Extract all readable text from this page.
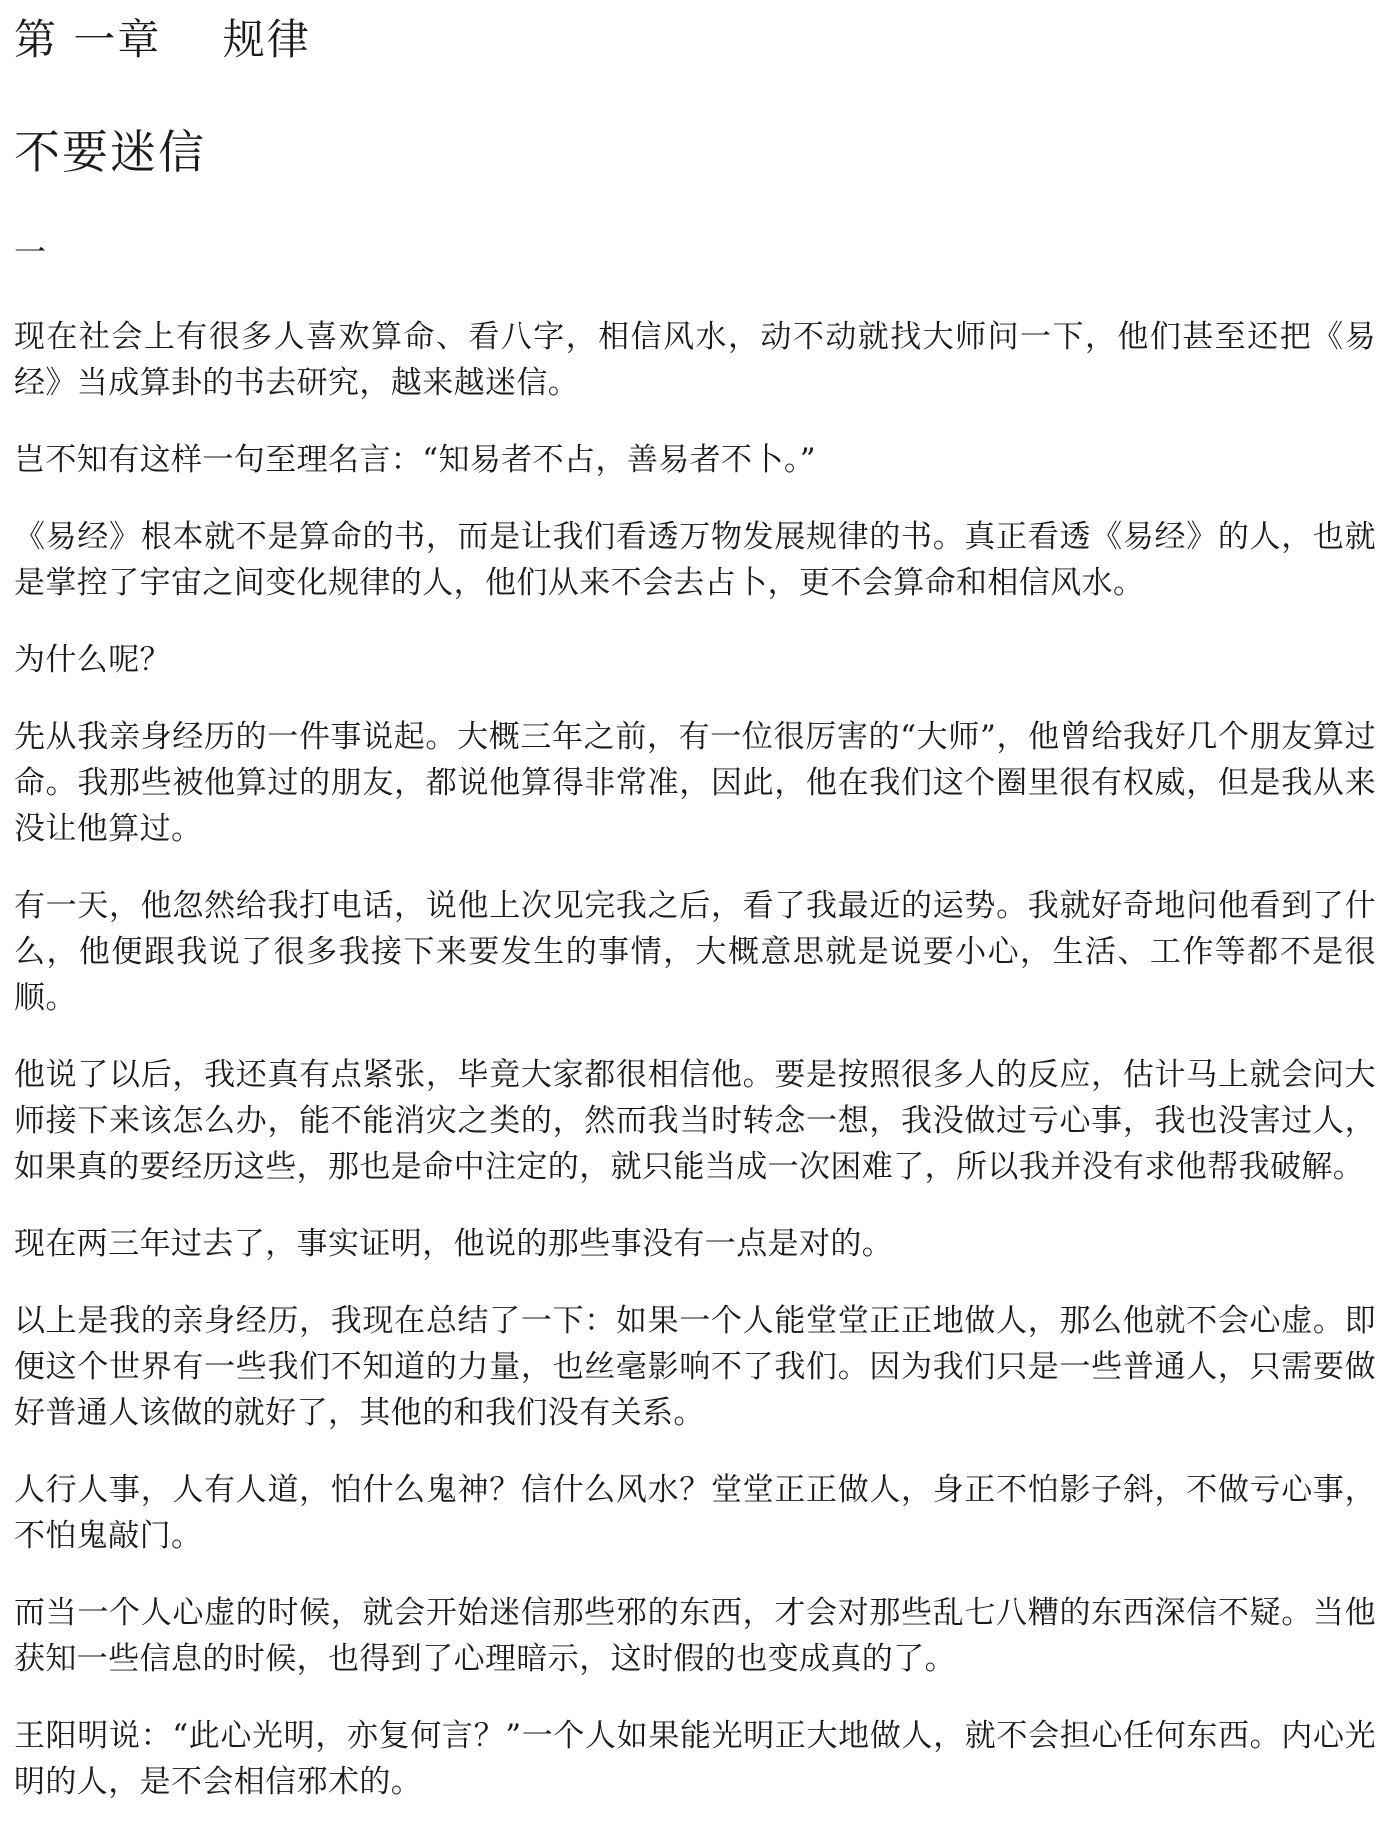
第 一章    规律
不要迷信
一

现在社会上有很多人喜欢算命、看八字，相信风水，动不动就找大师问一下，他们甚至还把《易经》当成算卦的书去研究，越来越迷信。

岂不知有这样一句至理名言：“知易者不占，善易者不卜。”

《易经》根本就不是算命的书，而是让我们看透万物发展规律的书。真正看透《易经》的人，也就是掌控了宇宙之间变化规律的人，他们从来不会去占卜，更不会算命和相信风水。

为什么呢？

先从我亲身经历的一件事说起。大概三年之前，有一位很厉害的“大师”，他曾给我好几个朋友算过命。我那些被他算过的朋友，都说他算得非常准，因此，他在我们这个圈里很有权威，但是我从来没让他算过。

有一天，他忽然给我打电话，说他上次见完我之后，看了我最近的运势。我就好奇地问他看到了什么，他便跟我说了很多我接下来要发生的事情，大概意思就是说要小心，生活、工作等都不是很顺。

他说了以后，我还真有点紧张，毕竟大家都很相信他。要是按照很多人的反应，估计马上就会问大师接下来该怎么办，能不能消灾之类的，然而我当时转念一想，我没做过亏心事，我也没害过人，如果真的要经历这些，那也是命中注定的，就只能当成一次困难了，所以我并没有求他帮我破解。

现在两三年过去了，事实证明，他说的那些事没有一点是对的。

以上是我的亲身经历，我现在总结了一下：如果一个人能堂堂正正地做人，那么他就不会心虚。即便这个世界有一些我们不知道的力量，也丝毫影响不了我们。因为我们只是一些普通人，只需要做好普通人该做的就好了，其他的和我们没有关系。

人行人事，人有人道，怕什么鬼神？信什么风水？堂堂正正做人，身正不怕影子斜，不做亏心事，不怕鬼敲门。

而当一个人心虚的时候，就会开始迷信那些邪的东西，才会对那些乱七八糟的东西深信不疑。当他获知一些信息的时候，也得到了心理暗示，这时假的也变成真的了。

王阳明说：“此心光明，亦复何言？”一个人如果能光明正大地做人，就不会担心任何东西。内心光明的人，是不会相信邪术的。
